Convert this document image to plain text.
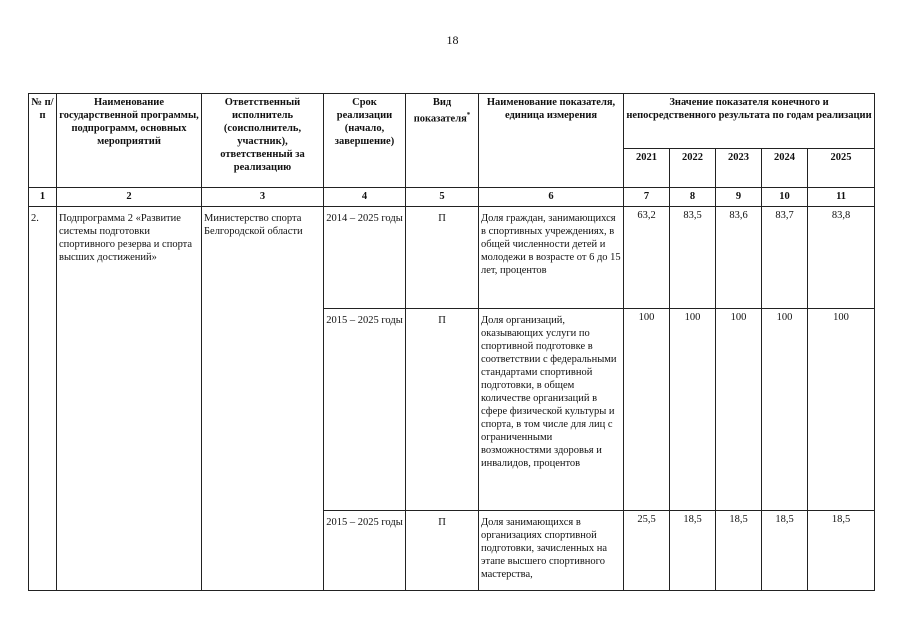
18
№ п/п	Наименование государственной программы, подпрограмм, основных мероприятий	Ответственный исполнитель (соисполнитель, участник), ответственный за реализацию	Срок реализации (начало, завершение)	Вид показателя*	Наименование показателя, единица измерения	Значение показателя конечного и непосредственного результата по годам реализации				
						2021	2022	2023	2024	2025
1	2	3	4	5	6	7	8	9	10	11
2.	Подпрограмма 2 «Развитие системы подготовки спортивного резерва и спорта высших достижений»	Министерство спорта Белгородской области	2014 – 2025 годы	П	Доля граждан, занимающихся в спортивных учреждениях, в общей численности детей и молодежи в возрасте от 6 до 15 лет, процентов	63,2	83,5	83,6	83,7	83,8
			2015 – 2025 годы	П	Доля организаций, оказывающих услуги по спортивной подготовке в соответствии с федеральными стандартами спортивной подготовки, в общем количестве организаций в сфере физической культуры и спорта, в том числе для лиц с ограниченными возможностями здоровья и инвалидов, процентов	100	100	100	100	100
			2015 – 2025 годы	П	Доля занимающихся в организациях спортивной подготовки, зачисленных на этапе высшего спортивного мастерства,	25,5	18,5	18,5	18,5	18,5
